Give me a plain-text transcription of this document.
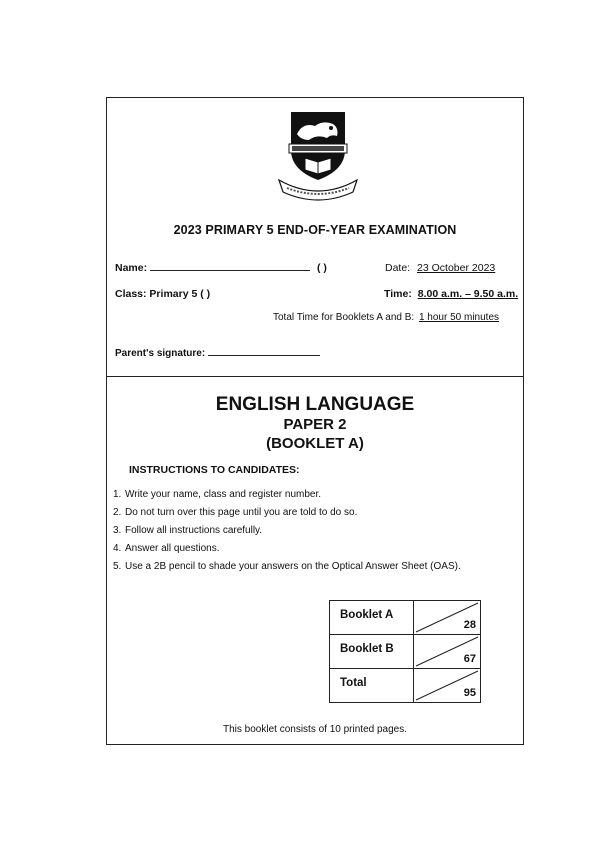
2023 PRIMARY 5 END-OF-YEAR EXAMINATION
Name:	( )	Date: 23 October 2023
Class: Primary 5 ( )	Time: 8.00 a.m. – 9.50 a.m.
Total Time for Booklets A and B: 1 hour 50 minutes
Parent's signature:
ENGLISH LANGUAGE
PAPER 2
(BOOKLET A)
INSTRUCTIONS TO CANDIDATES:
1. Write your name, class and register number.
2. Do not turn over this page until you are told to do so.
3. Follow all instructions carefully.
4. Answer all questions.
5. Use a 2B pencil to shade your answers on the Optical Answer Sheet (OAS).
Booklet A	28

Booklet B	67

Total	95
This booklet consists of 10 printed pages.
